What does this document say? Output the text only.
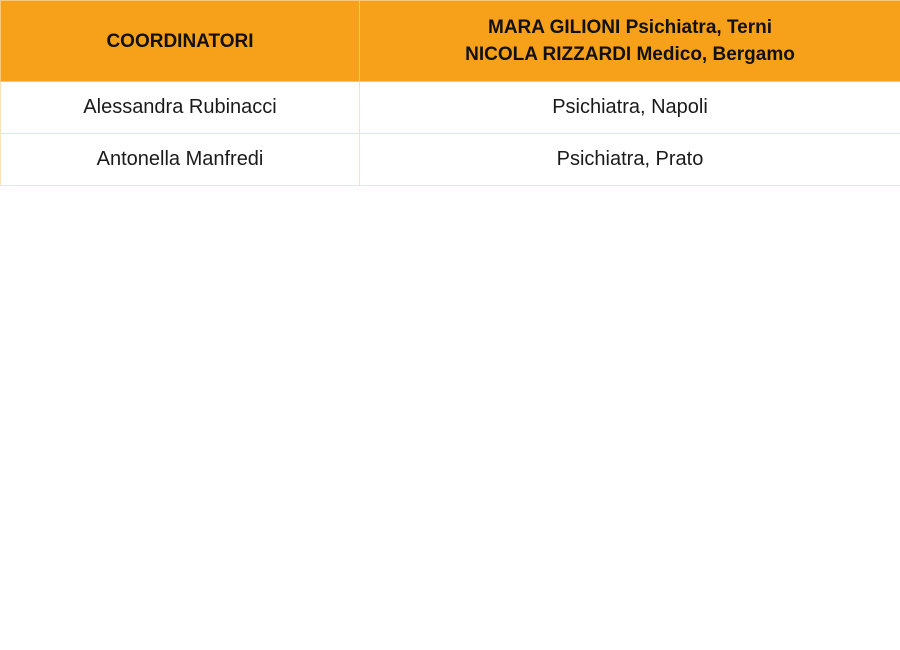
COORDINATORI	MARA GILIONI Psichiatra, Terni
NICOLA RIZZARDI Medico, Bergamo

Alessandra Rubinacci	Psichiatra, Napoli
Antonella Manfredi	Psichiatra, Prato
